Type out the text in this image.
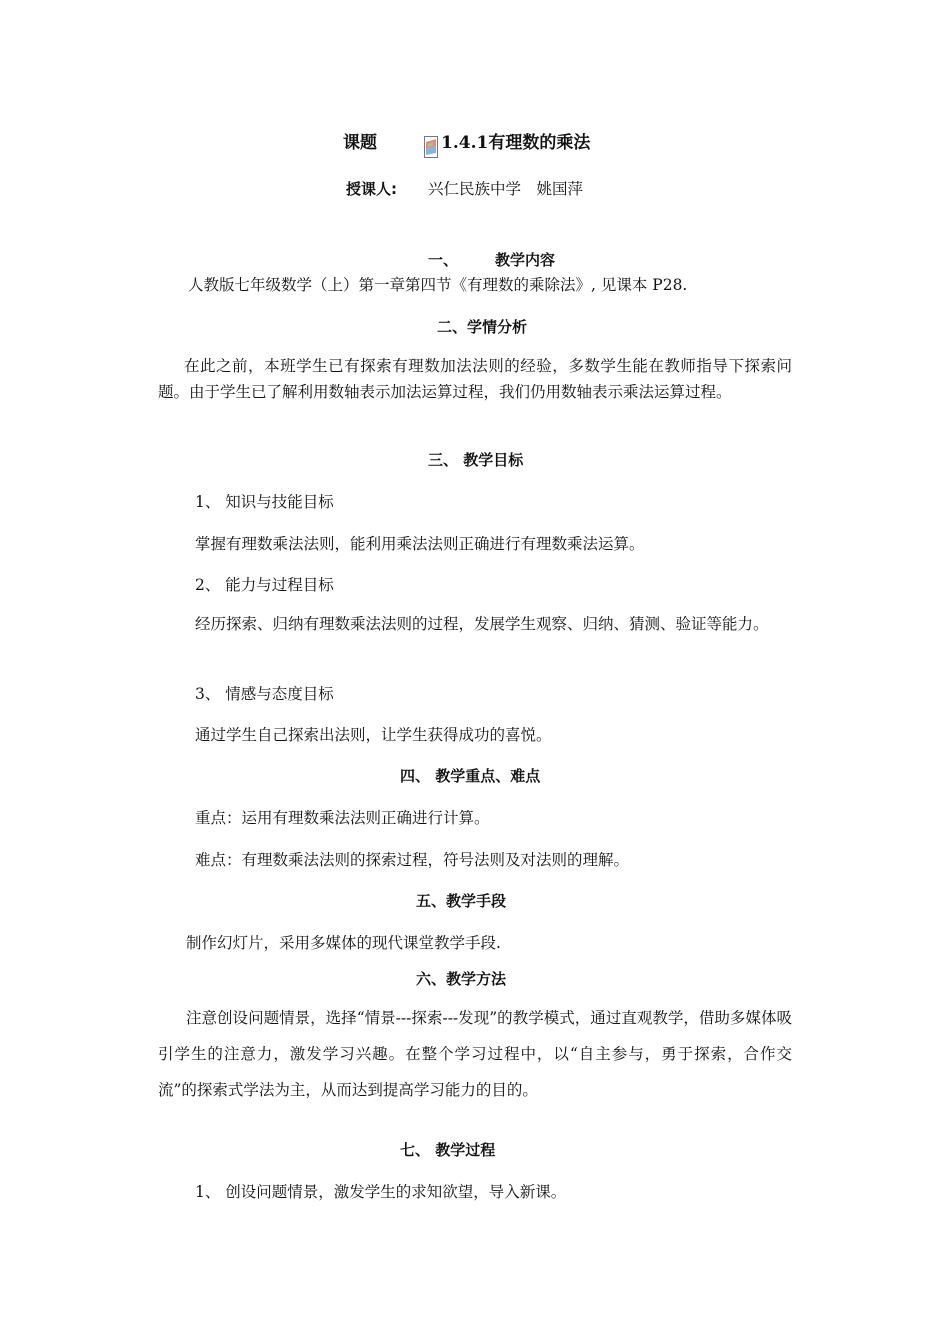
课题	1.4.1有理数的乘法
授课人: 兴仁民族中学　姚国萍
一、 教学内容
人教版七年级数学（上）第一章第四节《有理数的乘除法》, 见课本 P28.
二、学情分析
在此之前，本班学生已有探索有理数加法法则的经验，多数学生能在教师指导下探索问题。由于学生已了解利用数轴表示加法运算过程，我们仍用数轴表示乘法运算过程。
三、 教学目标
1、 知识与技能目标
掌握有理数乘法法则，能利用乘法法则正确进行有理数乘法运算。
2、 能力与过程目标
经历探索、归纳有理数乘法法则的过程，发展学生观察、归纳、猜测、验证等能力。
3、 情感与态度目标
通过学生自己探索出法则，让学生获得成功的喜悦。
四、 教学重点、难点
重点：运用有理数乘法法则正确进行计算。
难点：有理数乘法法则的探索过程，符号法则及对法则的理解。
五、教学手段
制作幻灯片，采用多媒体的现代课堂教学手段.
六、教学方法
注意创设问题情景，选择“情景---探索---发现”的教学模式，通过直观教学，借助多媒体吸引学生的注意力，激发学习兴趣。在整个学习过程中，以“自主参与，勇于探索，合作交流”的探索式学法为主，从而达到提高学习能力的目的。
七、 教学过程
1、 创设问题情景，激发学生的求知欲望，导入新课。
